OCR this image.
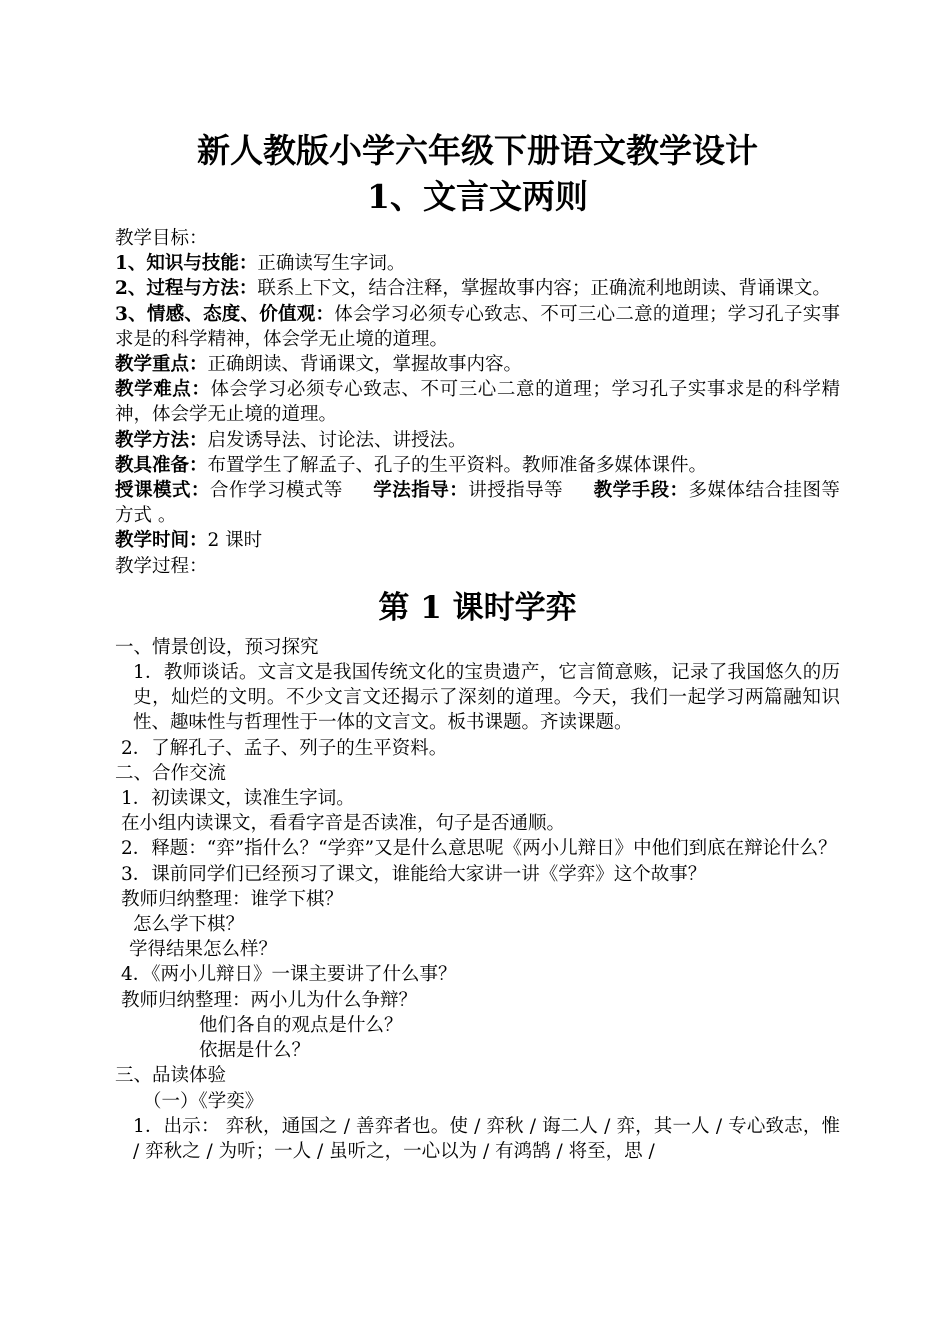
新人教版小学六年级下册语文教学设计
1、文言文两则

教学目标：

1、知识与技能：正确读写生字词。

2、过程与方法：联系上下文，结合注释，掌握故事内容；正确流利地朗读、背诵课文。

3、情感、态度、价值观：体会学习必须专心致志、不可三心二意的道理；学习孔子实事求是的科学精神，体会学无止境的道理。

教学重点：正确朗读、背诵课文，掌握故事内容。

教学难点：体会学习必须专心致志、不可三心二意的道理；学习孔子实事求是的科学精神，体会学无止境的道理。

教学方法：启发诱导法、讨论法、讲授法。

教具准备：布置学生了解孟子、孔子的生平资料。教师准备多媒体课件。

授课模式：合作学习模式等 学法指导：讲授指导等 教学手段：多媒体结合挂图等方式 。

教学时间：2 课时

教学过程：

第 1 课时学弈

一、情景创设，预习探究

1．教师谈话。文言文是我国传统文化的宝贵遗产，它言简意赅，记录了我国悠久的历史，灿烂的文明。不少文言文还揭示了深刻的道理。今天，我们一起学习两篇融知识性、趣味性与哲理性于一体的文言文。板书课题。齐读课题。

2．了解孔子、孟子、列子的生平资料。

二、合作交流

1．初读课文，读准生字词。

在小组内读课文，看看字音是否读准，句子是否通顺。

2．释题：“弈”指什么？“学弈”又是什么意思呢《两小儿辩日》中他们到底在辩论什么？

3．课前同学们已经预习了课文，谁能给大家讲一讲《学弈》这个故事？

教师归纳整理：谁学下棋？

怎么学下棋？

学得结果怎么样？

4．《两小儿辩日》一课主要讲了什么事？

教师归纳整理：两小儿为什么争辩？

他们各自的观点是什么？

依据是什么？

三、品读体验

（一）《学奕》

1．出示： 弈秋，通国之 / 善弈者也。使 / 弈秋 / 诲二人 / 弈，其一人 / 专心致志，惟 / 弈秋之 / 为听；一人 / 虽听之，一心以为 / 有鸿鹄 / 将至，思 /
